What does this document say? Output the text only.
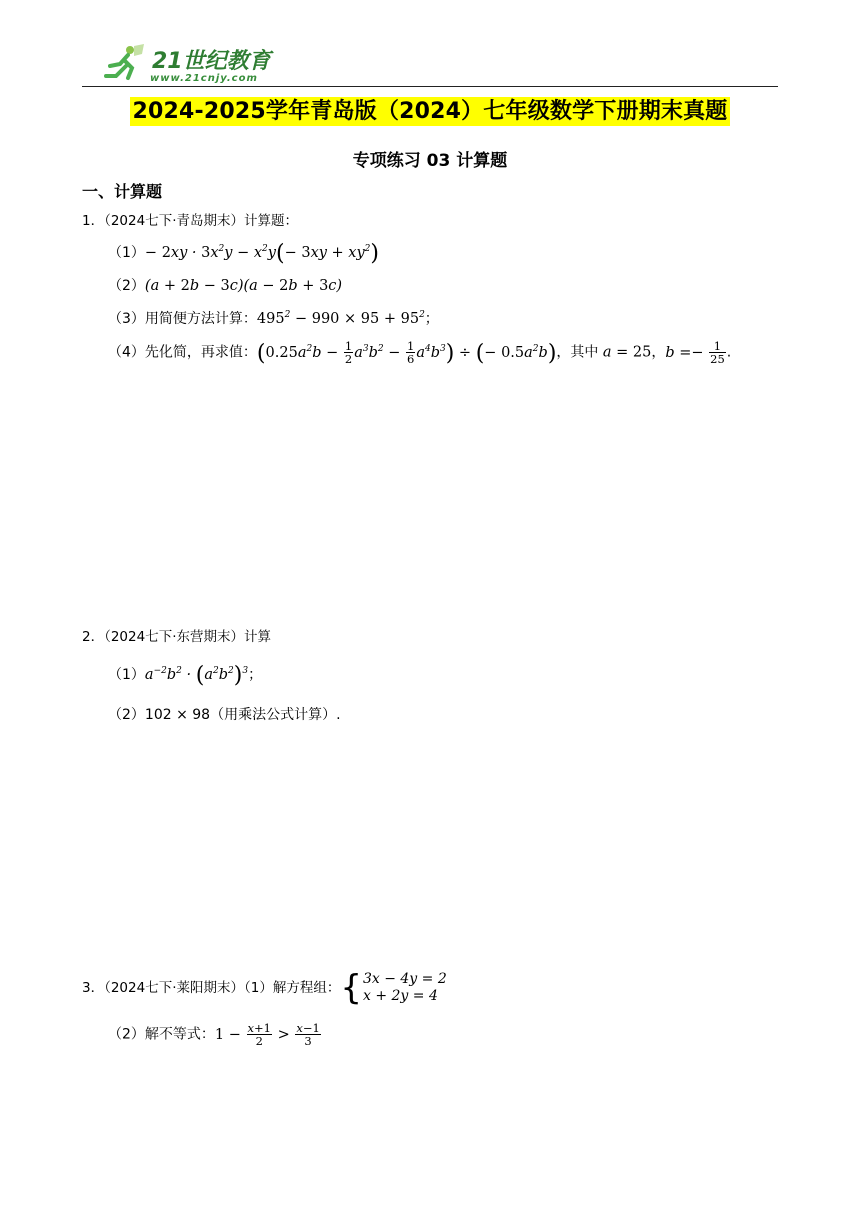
21世纪教育
www.21cnjy.com
2024-2025学年青岛版（2024）七年级数学下册期末真题
专项练习 03 计算题
一、计算题
1．（2024七下·青岛期末）计算题：
$(1)- 2xy \cdot 3x^2y - x^2y(- 3xy + xy^2)$
（2）(a + 2b − 3c)(a − 2b + 3c)
（3）用简便方法计算：$495^2 - 990 \times 95 + 95^2$；
（4）先化简，再求值：$(0.25a^2b - \frac{1}{2} a^3b^2 - \frac{1}{6} a^4b^3)$ ÷ (− $0.5a^2b$)，其中 a = 25，$b =- \frac{1}{25}$ .
2．（2024七下·东营期末）计算
$(1)a^{-2}b^2 \cdot (a^2b^2)^3$；
（2）102 × 98（用乘法公式计算）.
3．（2024七下·莱阳期末）（1）解方程组：{ 3x − 4y = 2
x + 2y = 4
（2）解不等式：$1 - \frac{x+1}{2} > \frac{x-1}{3}$
